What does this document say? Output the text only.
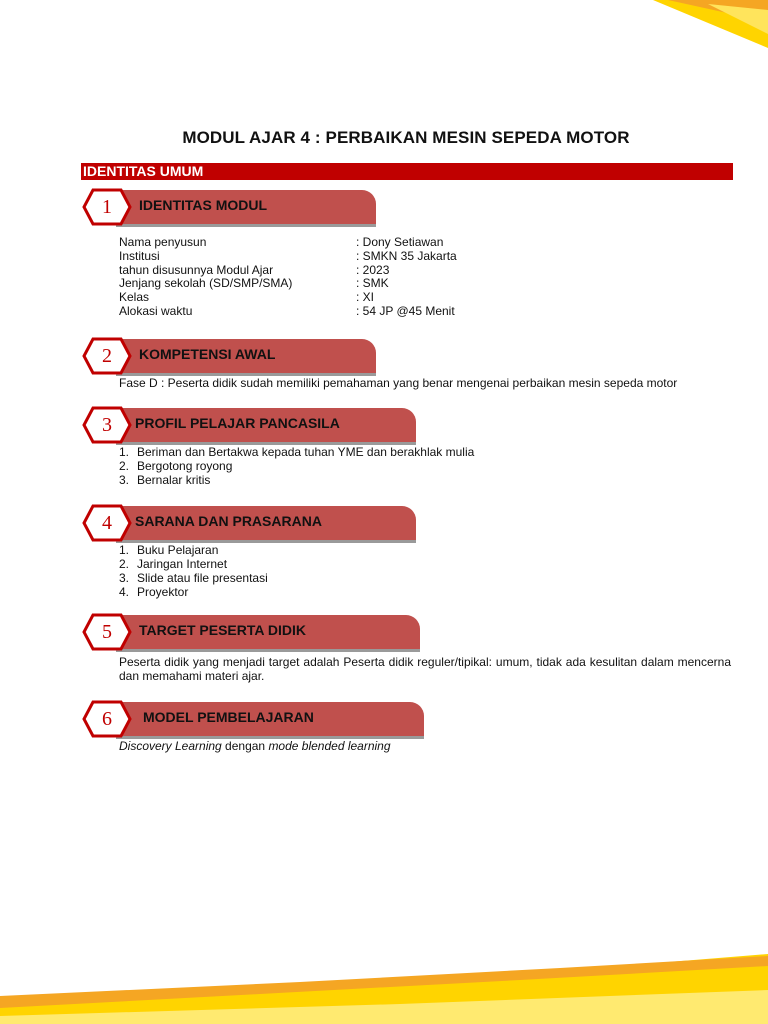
MODUL AJAR 4 : PERBAIKAN MESIN SEPEDA MOTOR
IDENTITAS UMUM
IDENTITAS MODUL
1
Nama penyusun	: Dony Setiawan
Institusi	: SMKN 35 Jakarta
tahun disusunnya Modul Ajar	: 2023
Jenjang sekolah (SD/SMP/SMA)	: SMK
Kelas	: XI
Alokasi waktu	: 54 JP @45 Menit
KOMPETENSI AWAL
2
Fase D : Peserta didik sudah memiliki pemahaman yang benar mengenai perbaikan mesin sepeda motor
PROFIL PELAJAR PANCASILA
3
1. Beriman dan Bertakwa kepada tuhan YME dan berakhlak mulia
2. Bergotong royong
3. Bernalar kritis
SARANA DAN PRASARANA
4
1. Buku Pelajaran
2. Jaringan Internet
3. Slide atau file presentasi
4. Proyektor
TARGET PESERTA DIDIK
5
Peserta didik yang menjadi target adalah Peserta didik reguler/tipikal: umum, tidak ada kesulitan dalam mencerna dan memahami materi ajar.
MODEL PEMBELAJARAN
6
Discovery Learning dengan mode blended learning
